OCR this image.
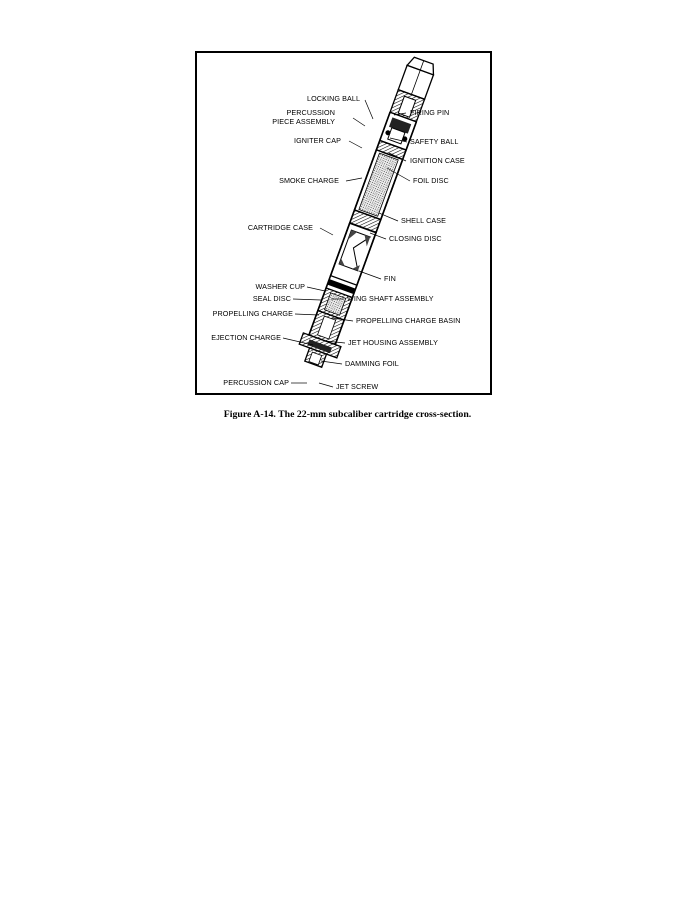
LOCKING BALL
FIRING PIN
PERCUSSION
PIECE ASSEMBLY
SAFETY BALL
IGNITER CAP
IGNITION CASE
SMOKE CHARGE	FOIL DISC
SHELL CASE
CARTRIDGE CASE
CLOSING DISC
FIN
WASHER CUP
SEAL DISC	WING SHAFT ASSEMBLY
PROPELLING CHARGE
PROPELLING CHARGE BASIN
EJECTION CHARGE
JET HOUSING ASSEMBLY
DAMMING FOIL
PERCUSSION CAP	JET SCREW
Figure A-14. The 22-mm subcaliber cartridge cross-section.
